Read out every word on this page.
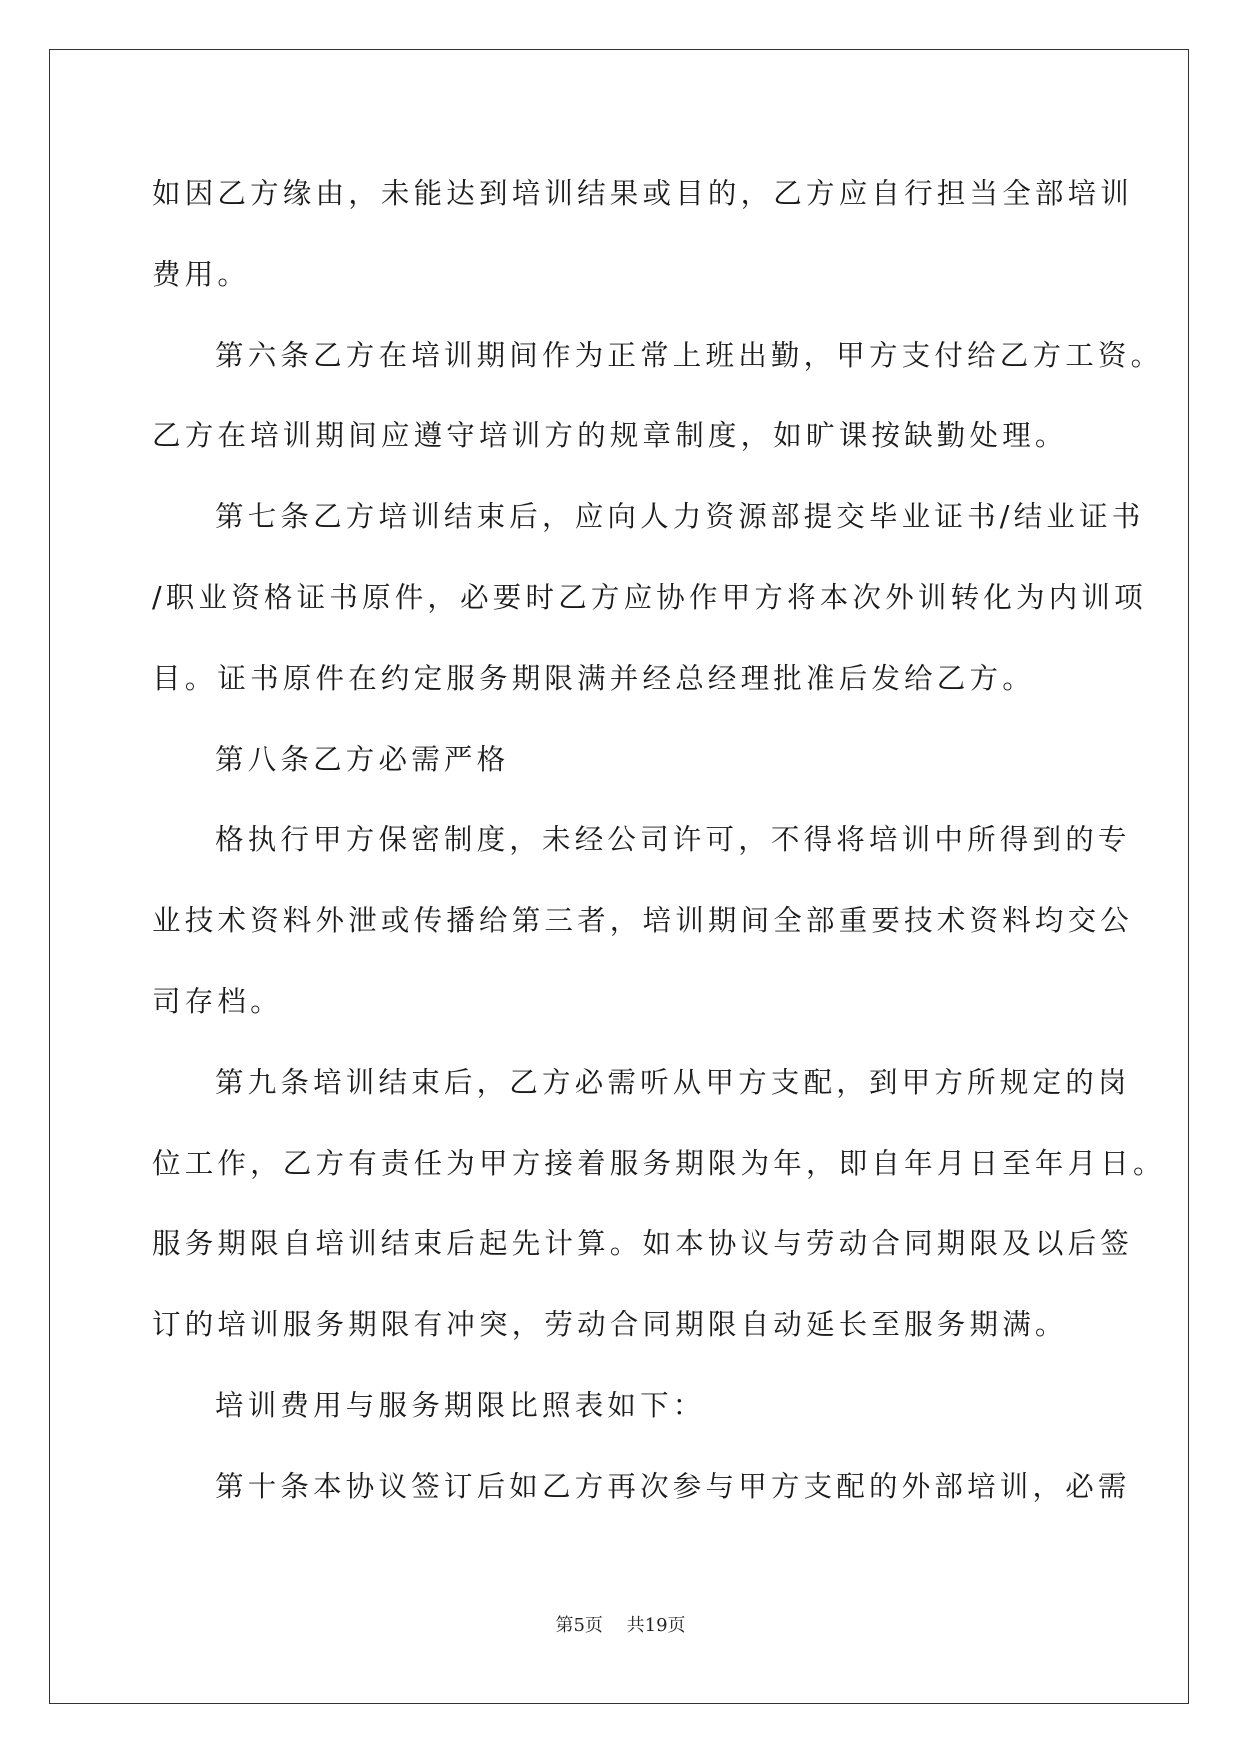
如因乙方缘由，未能达到培训结果或目的，乙方应自行担当全部培训
费用。
第六条乙方在培训期间作为正常上班出勤，甲方支付给乙方工资。
乙方在培训期间应遵守培训方的规章制度，如旷课按缺勤处理。
第七条乙方培训结束后，应向人力资源部提交毕业证书/结业证书
/职业资格证书原件，必要时乙方应协作甲方将本次外训转化为内训项
目。证书原件在约定服务期限满并经总经理批准后发给乙方。
第八条乙方必需严格
格执行甲方保密制度，未经公司许可，不得将培训中所得到的专
业技术资料外泄或传播给第三者，培训期间全部重要技术资料均交公
司存档。
第九条培训结束后，乙方必需听从甲方支配，到甲方所规定的岗
位工作，乙方有责任为甲方接着服务期限为年，即自年月日至年月日。
服务期限自培训结束后起先计算。如本协议与劳动合同期限及以后签
订的培训服务期限有冲突，劳动合同期限自动延长至服务期满。
培训费用与服务期限比照表如下：
第十条本协议签订后如乙方再次参与甲方支配的外部培训，必需
第5页 共19页
